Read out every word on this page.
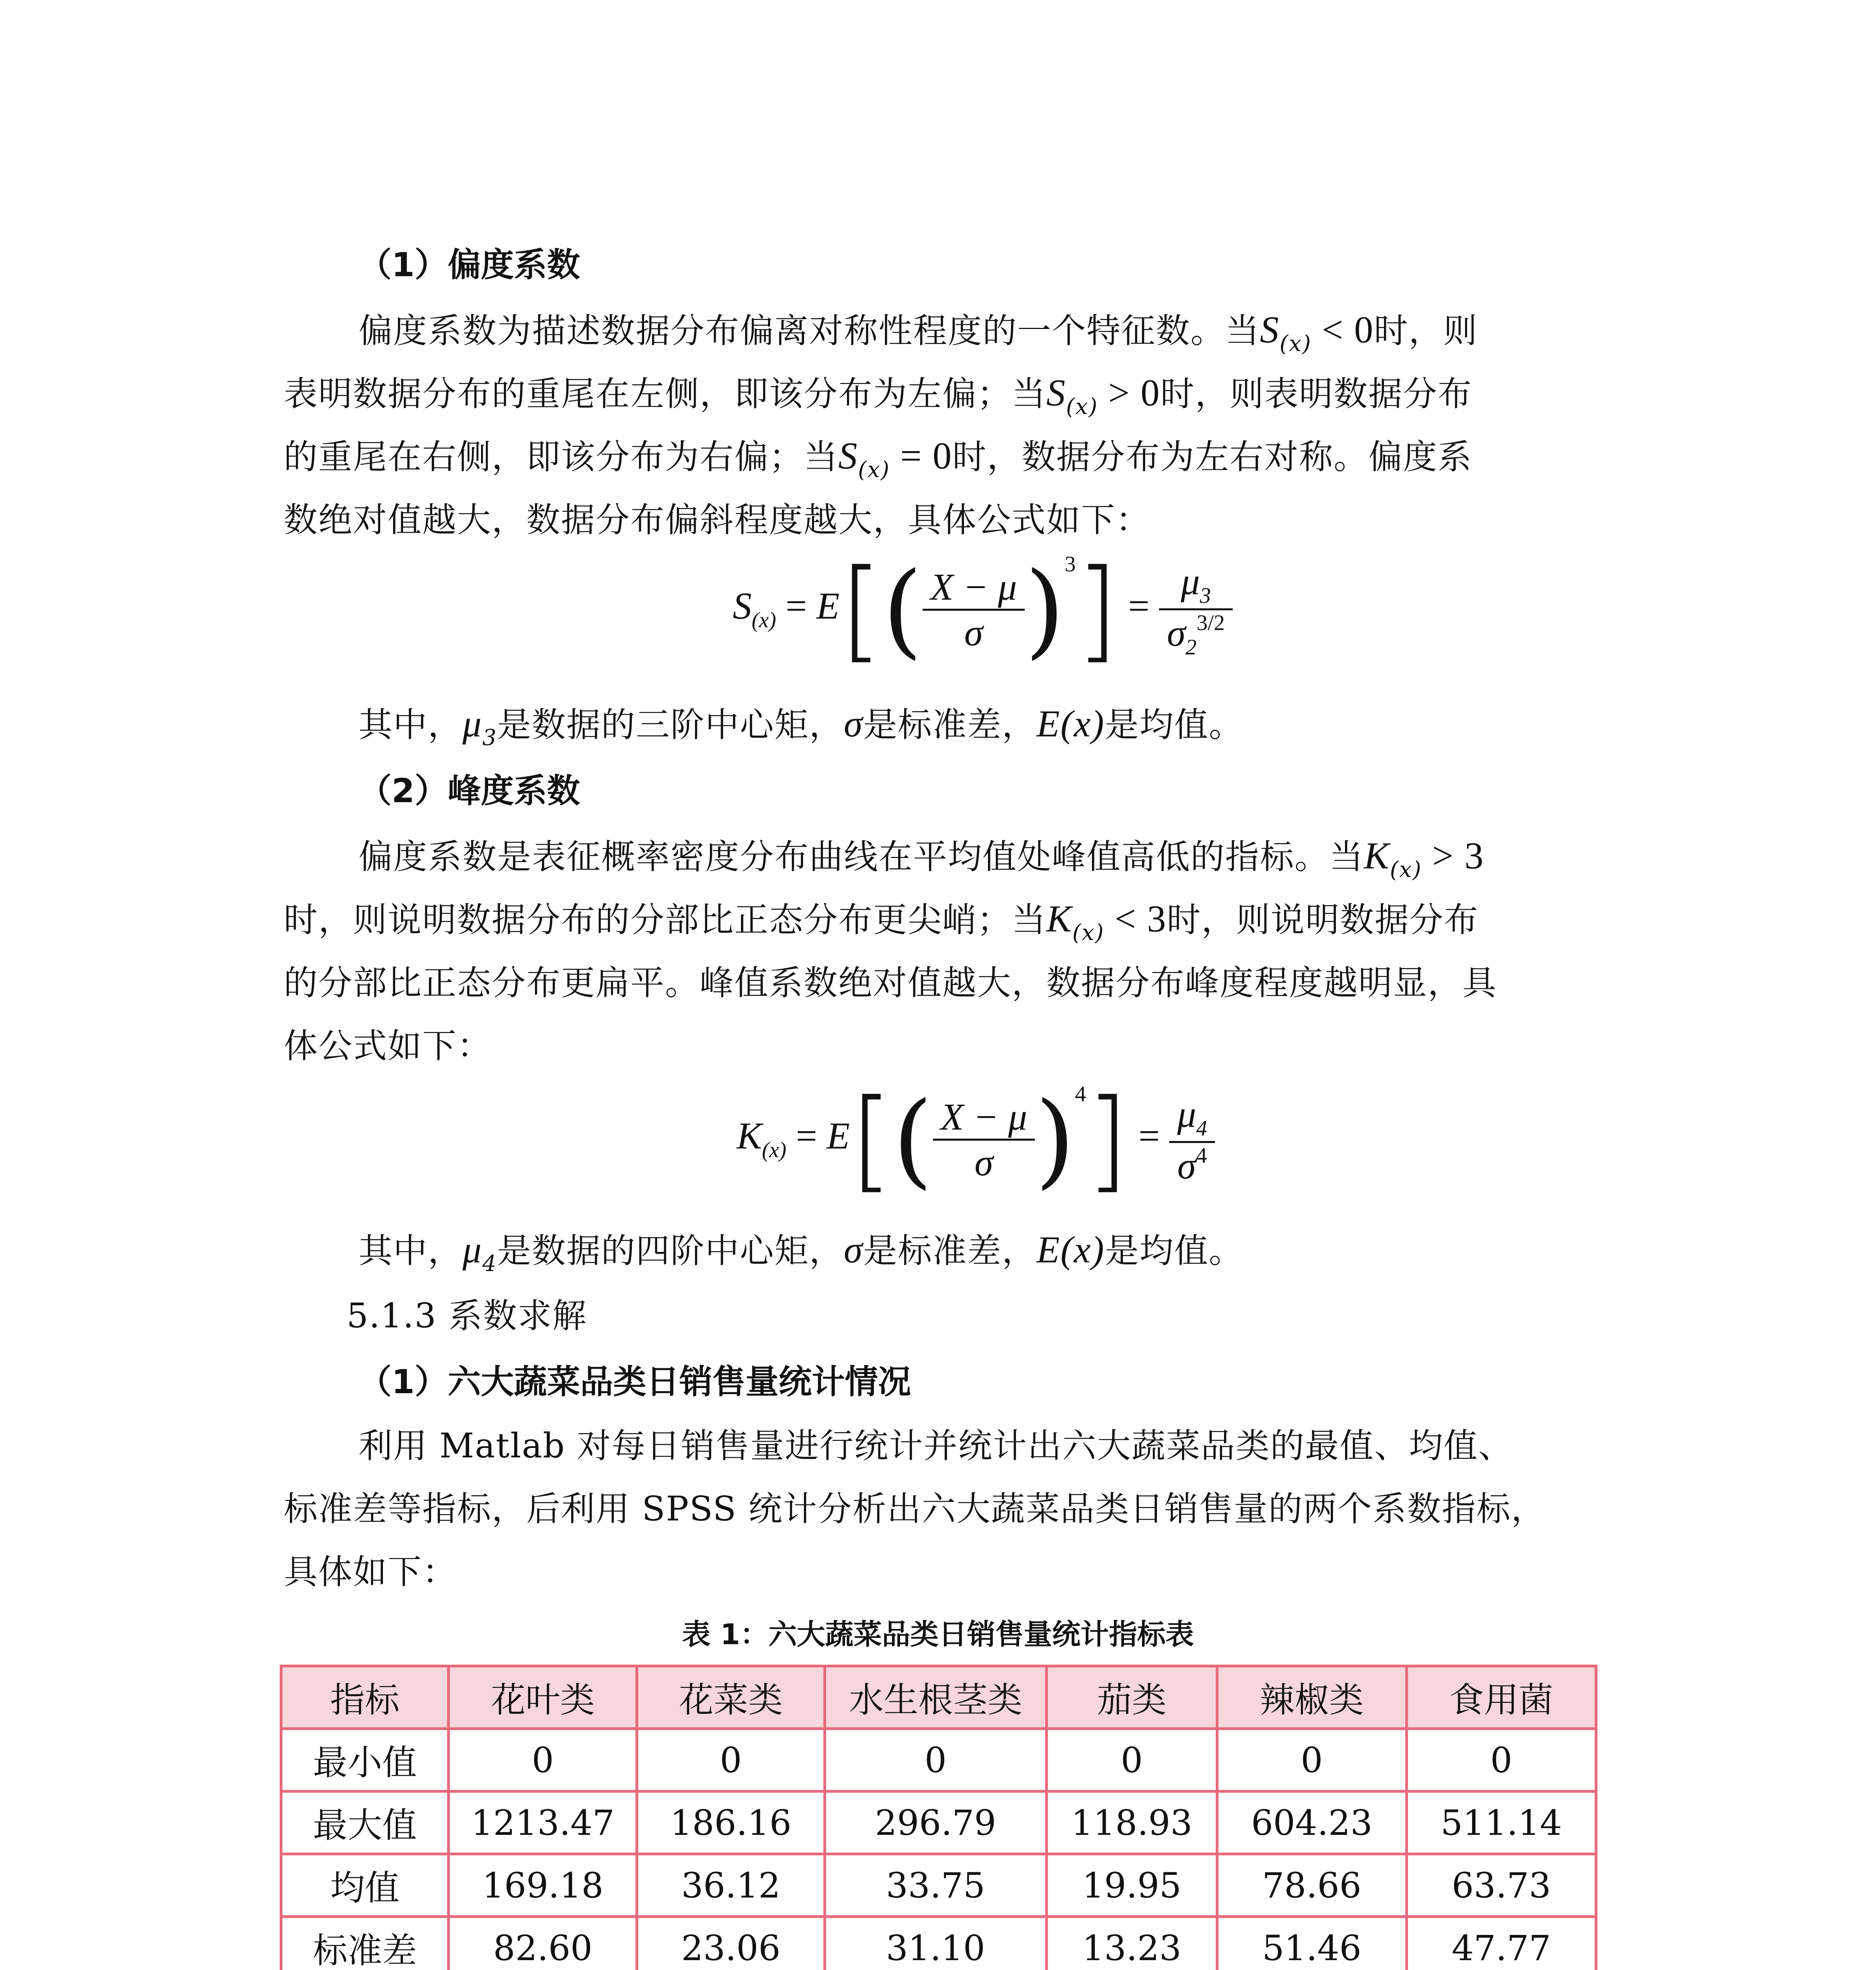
（1）偏度系数
偏度系数为描述数据分布偏离对称性程度的一个特征数。当$S_{(x)} < 0$时，则
表明数据分布的重尾在左侧，即该分布为左偏；当$S_{(x)} > 0$时，则表明数据分布
的重尾在右侧，即该分布为右偏；当$S_{(x)} = 0$时，数据分布为左右对称。偏度系
数绝对值越大，数据分布偏斜程度越大，具体公式如下：
$S_{(x)} = E[( \frac{X - \mu}{\sigma} )^3] = \frac{\mu_3}{\sigma_2^{3/2}}$
其中，$\mu_3$是数据的三阶中心矩，σ是标准差，E(x)是均值。
（2）峰度系数
偏度系数是表征概率密度分布曲线在平均值处峰值高低的指标。当$K_{(x)} > 3$
时，则说明数据分布的分部比正态分布更尖峭；当$K_{(x)} < 3$时，则说明数据分布
的分部比正态分布更扁平。峰值系数绝对值越大，数据分布峰度程度越明显，具
体公式如下：
$K_{(x)} = E[( \frac{X - \mu}{\sigma} )^4] = \frac{\mu_4}{\sigma^4}$
其中，$\mu_4$是数据的四阶中心矩，σ是标准差，E(x)是均值。
5.1.3 系数求解
（1）六大蔬菜品类日销售量统计情况
利用 Matlab 对每日销售量进行统计并统计出六大蔬菜品类的最值、均值、
标准差等指标，后利用 SPSS 统计分析出六大蔬菜品类日销售量的两个系数指标，
具体如下：
表 1：六大蔬菜品类日销售量统计指标表
指标	花叶类	花菜类	水生根茎类	茄类	辣椒类	食用菌
最小值	0	0	0	0	0	0
最大值	1213.47	186.16	296.79	118.93	604.23	511.14
均值	169.18	36.12	33.75	19.95	78.66	63.73
标准差	82.60	23.06	31.10	13.23	51.46	47.77
